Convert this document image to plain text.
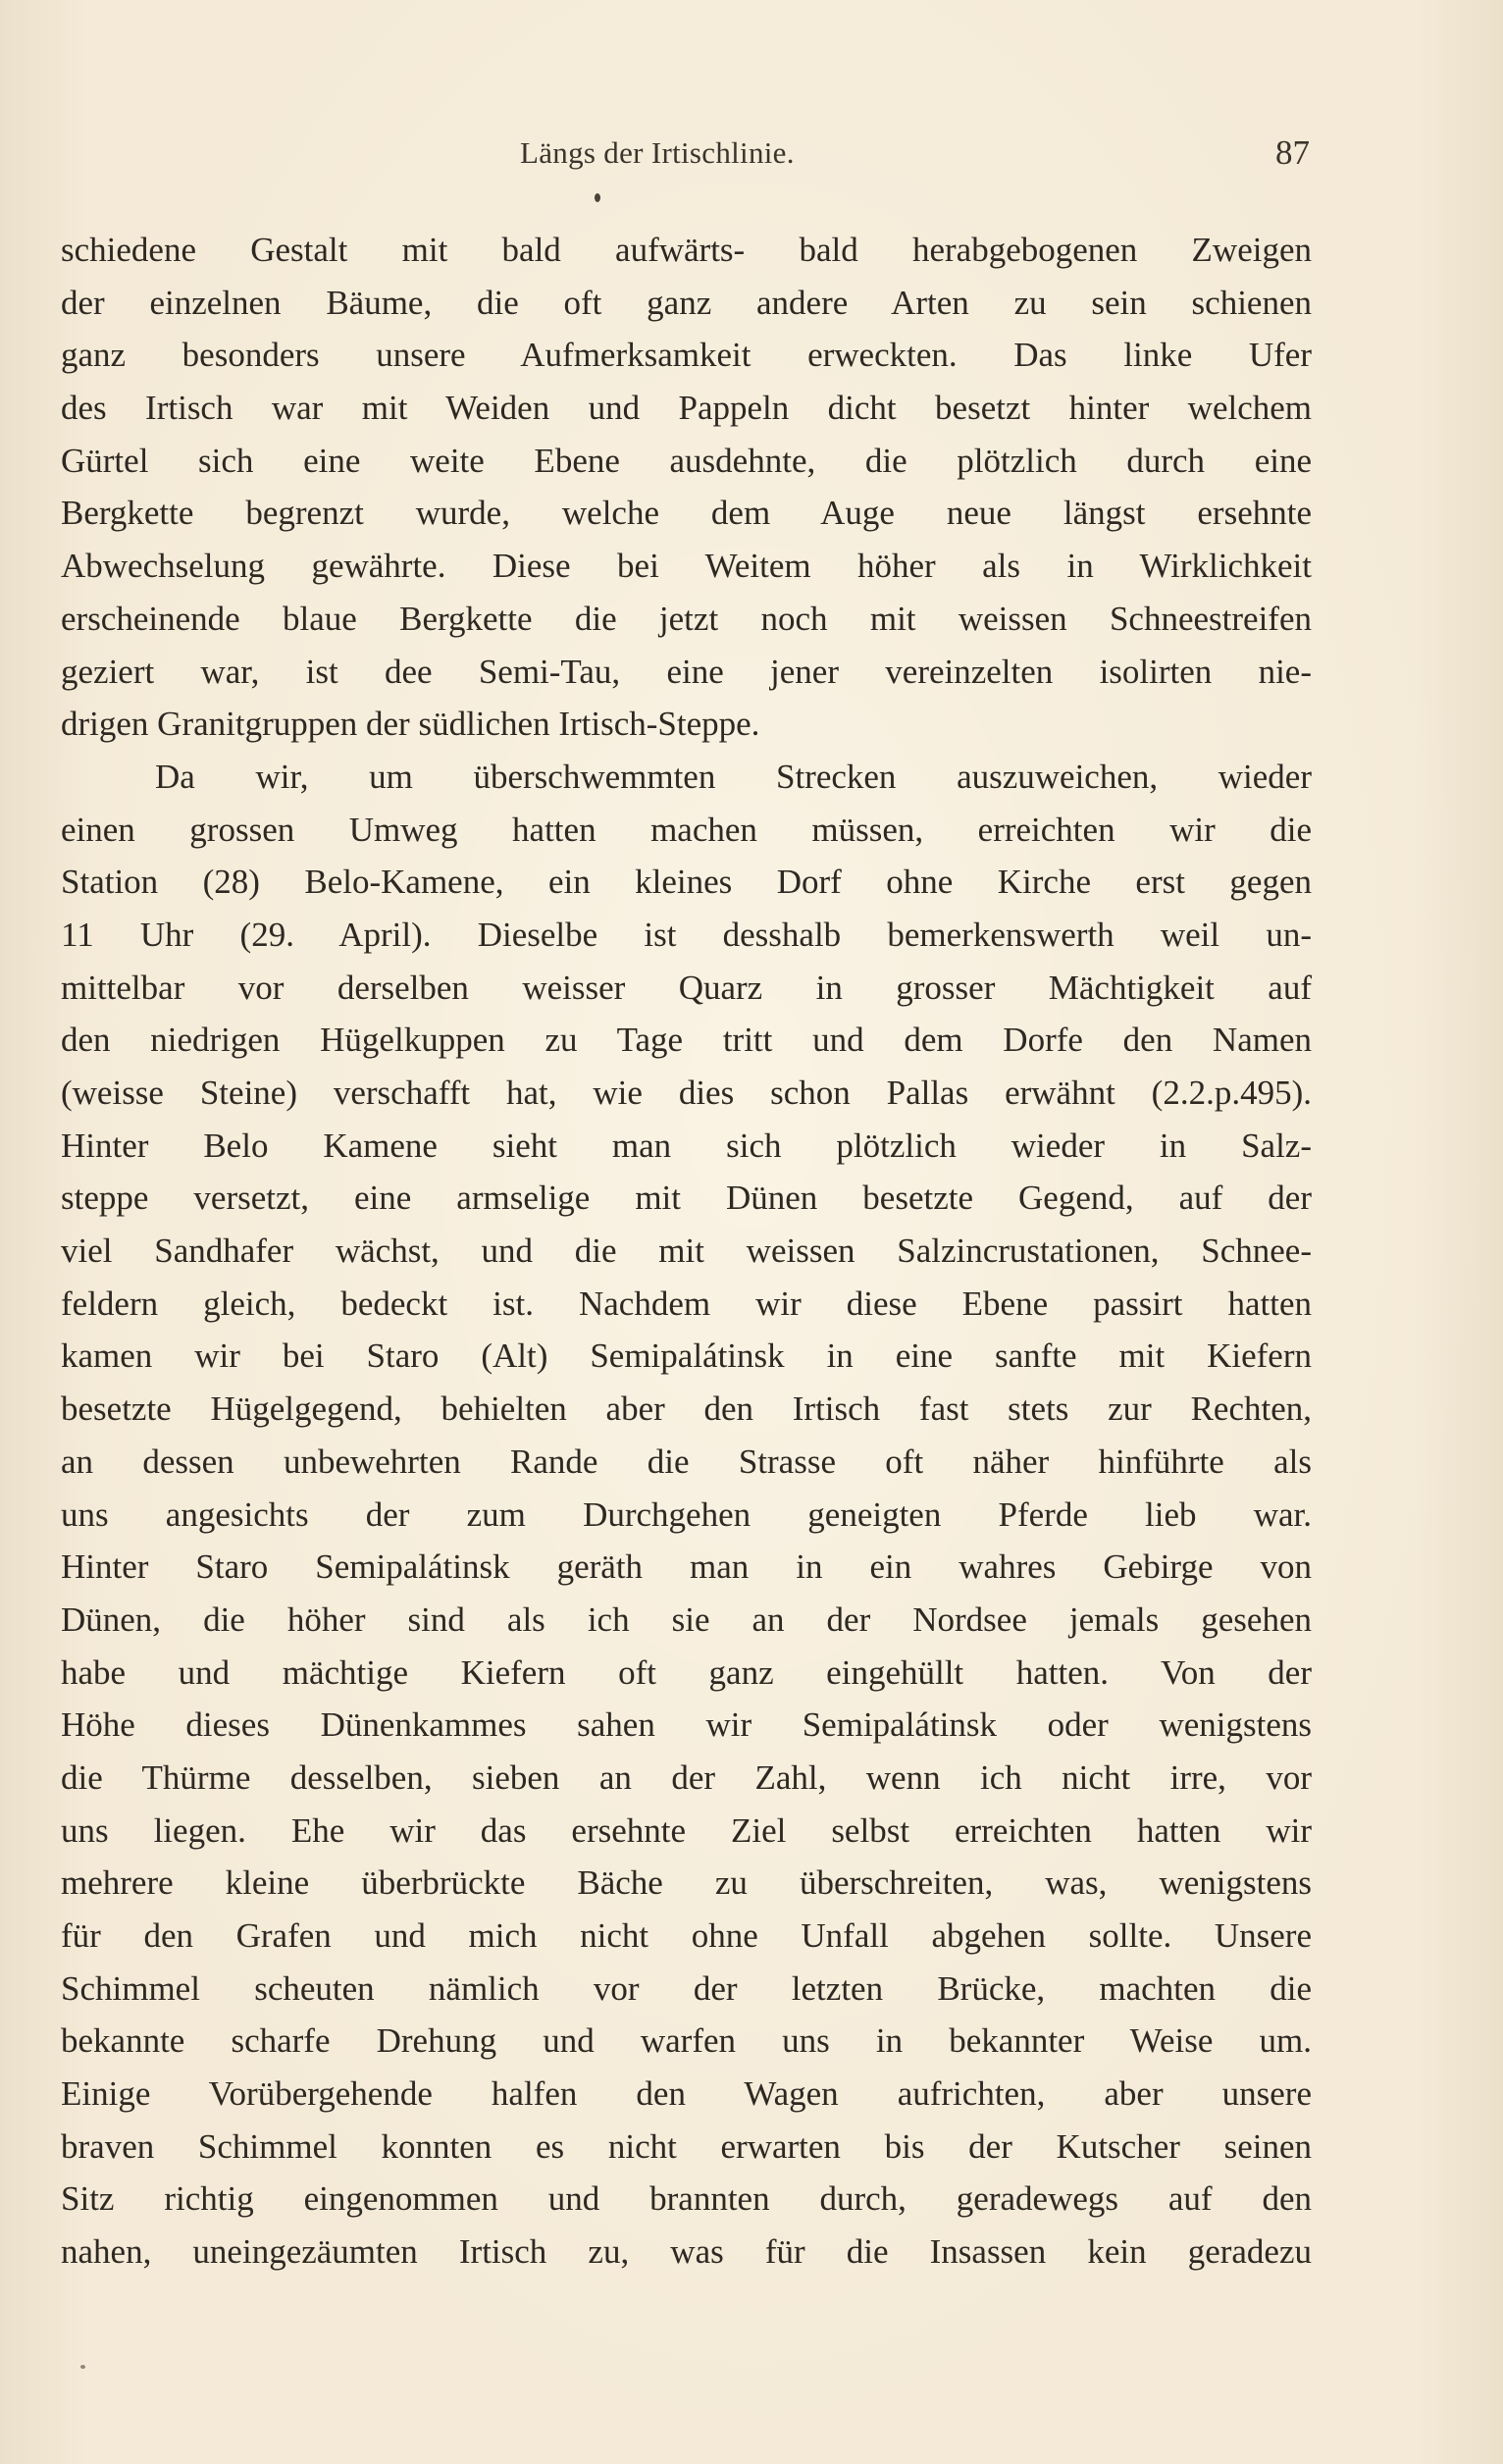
Längs der Irtischlinie.	87
schiedene Gestalt mit bald aufwärts- bald herabgebogenen Zweigen
der einzelnen Bäume, die oft ganz andere Arten zu sein schienen
ganz besonders unsere Aufmerksamkeit erweckten. Das linke Ufer
des Irtisch war mit Weiden und Pappeln dicht besetzt hinter welchem
Gürtel sich eine weite Ebene ausdehnte, die plötzlich durch eine
Bergkette begrenzt wurde, welche dem Auge neue längst ersehnte
Abwechselung gewährte. Diese bei Weitem höher als in Wirklichkeit
erscheinende blaue Bergkette die jetzt noch mit weissen Schneestreifen
geziert war, ist dee Semi-Tau, eine jener vereinzelten isolirten nie-
drigen Granitgruppen der südlichen Irtisch-Steppe.
Da wir, um überschwemmten Strecken auszuweichen, wieder
einen grossen Umweg hatten machen müssen, erreichten wir die
Station (28) Belo-Kamene, ein kleines Dorf ohne Kirche erst gegen
11 Uhr (29. April). Dieselbe ist desshalb bemerkenswerth weil un-
mittelbar vor derselben weisser Quarz in grosser Mächtigkeit auf
den niedrigen Hügelkuppen zu Tage tritt und dem Dorfe den Namen
(weisse Steine) verschafft hat, wie dies schon Pallas erwähnt (2.2.p.495).
Hinter Belo Kamene sieht man sich plötzlich wieder in Salz-
steppe versetzt, eine armselige mit Dünen besetzte Gegend, auf der
viel Sandhafer wächst, und die mit weissen Salzincrustationen, Schnee-
feldern gleich, bedeckt ist. Nachdem wir diese Ebene passirt hatten
kamen wir bei Staro (Alt) Semipalátinsk in eine sanfte mit Kiefern
besetzte Hügelgegend, behielten aber den Irtisch fast stets zur Rechten,
an dessen unbewehrten Rande die Strasse oft näher hinführte als
uns angesichts der zum Durchgehen geneigten Pferde lieb war.
Hinter Staro Semipalátinsk geräth man in ein wahres Gebirge von
Dünen, die höher sind als ich sie an der Nordsee jemals gesehen
habe und mächtige Kiefern oft ganz eingehüllt hatten. Von der
Höhe dieses Dünenkammes sahen wir Semipalátinsk oder wenigstens
die Thürme desselben, sieben an der Zahl, wenn ich nicht irre, vor
uns liegen. Ehe wir das ersehnte Ziel selbst erreichten hatten wir
mehrere kleine überbrückte Bäche zu überschreiten, was, wenigstens
für den Grafen und mich nicht ohne Unfall abgehen sollte. Unsere
Schimmel scheuten nämlich vor der letzten Brücke, machten die
bekannte scharfe Drehung und warfen uns in bekannter Weise um.
Einige Vorübergehende halfen den Wagen aufrichten, aber unsere
braven Schimmel konnten es nicht erwarten bis der Kutscher seinen
Sitz richtig eingenommen und brannten durch, geradewegs auf den
nahen, uneingezäumten Irtisch zu, was für die Insassen kein geradezu
